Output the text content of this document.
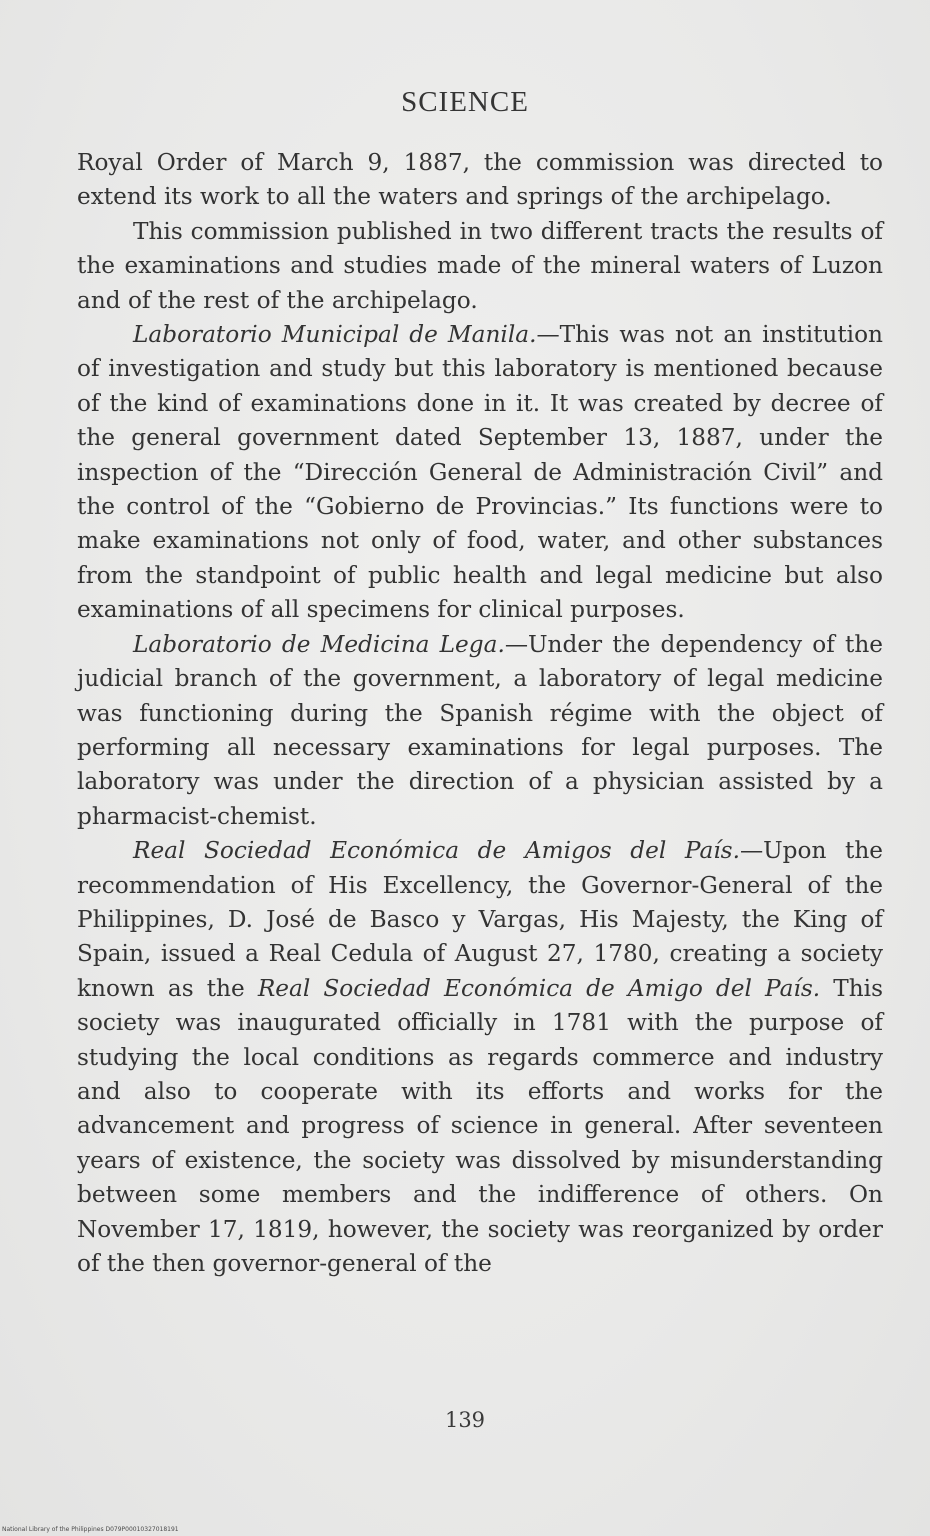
SCIENCE

Royal Order of March 9, 1887, the commission was directed to extend its work to all the waters and springs of the archipelago.

This commission published in two different tracts the results of the examinations and studies made of the mineral waters of Luzon and of the rest of the archipelago.

Laboratorio Municipal de Manila.—This was not an institution of investigation and study but this laboratory is mentioned because of the kind of examinations done in it. It was created by decree of the general government dated September 13, 1887, under the inspection of the “Dirección General de Administración Civil” and the control of the “Gobierno de Provincias.” Its functions were to make examinations not only of food, water, and other substances from the standpoint of public health and legal medicine but also examinations of all specimens for clinical purposes.

Laboratorio de Medicina Lega.—Under the dependency of the judicial branch of the government, a laboratory of legal medicine was functioning during the Spanish régime with the object of performing all necessary examinations for legal purposes. The laboratory was under the direction of a physician assisted by a pharmacist-chemist.

Real Sociedad Económica de Amigos del País.—Upon the recommendation of His Excellency, the Governor-General of the Philippines, D. José de Basco y Vargas, His Majesty, the King of Spain, issued a Real Cedula of August 27, 1780, creating a society known as the Real Sociedad Económica de Amigo del País. This society was inaugurated officially in 1781 with the purpose of studying the local conditions as regards commerce and industry and also to cooperate with its efforts and works for the advancement and progress of science in general. After seventeen years of existence, the society was dissolved by misunderstanding between some members and the indifference of others. On November 17, 1819, however, the society was reorganized by order of the then governor-general of the

139
National Library of the Philippines D079P00010327018191
